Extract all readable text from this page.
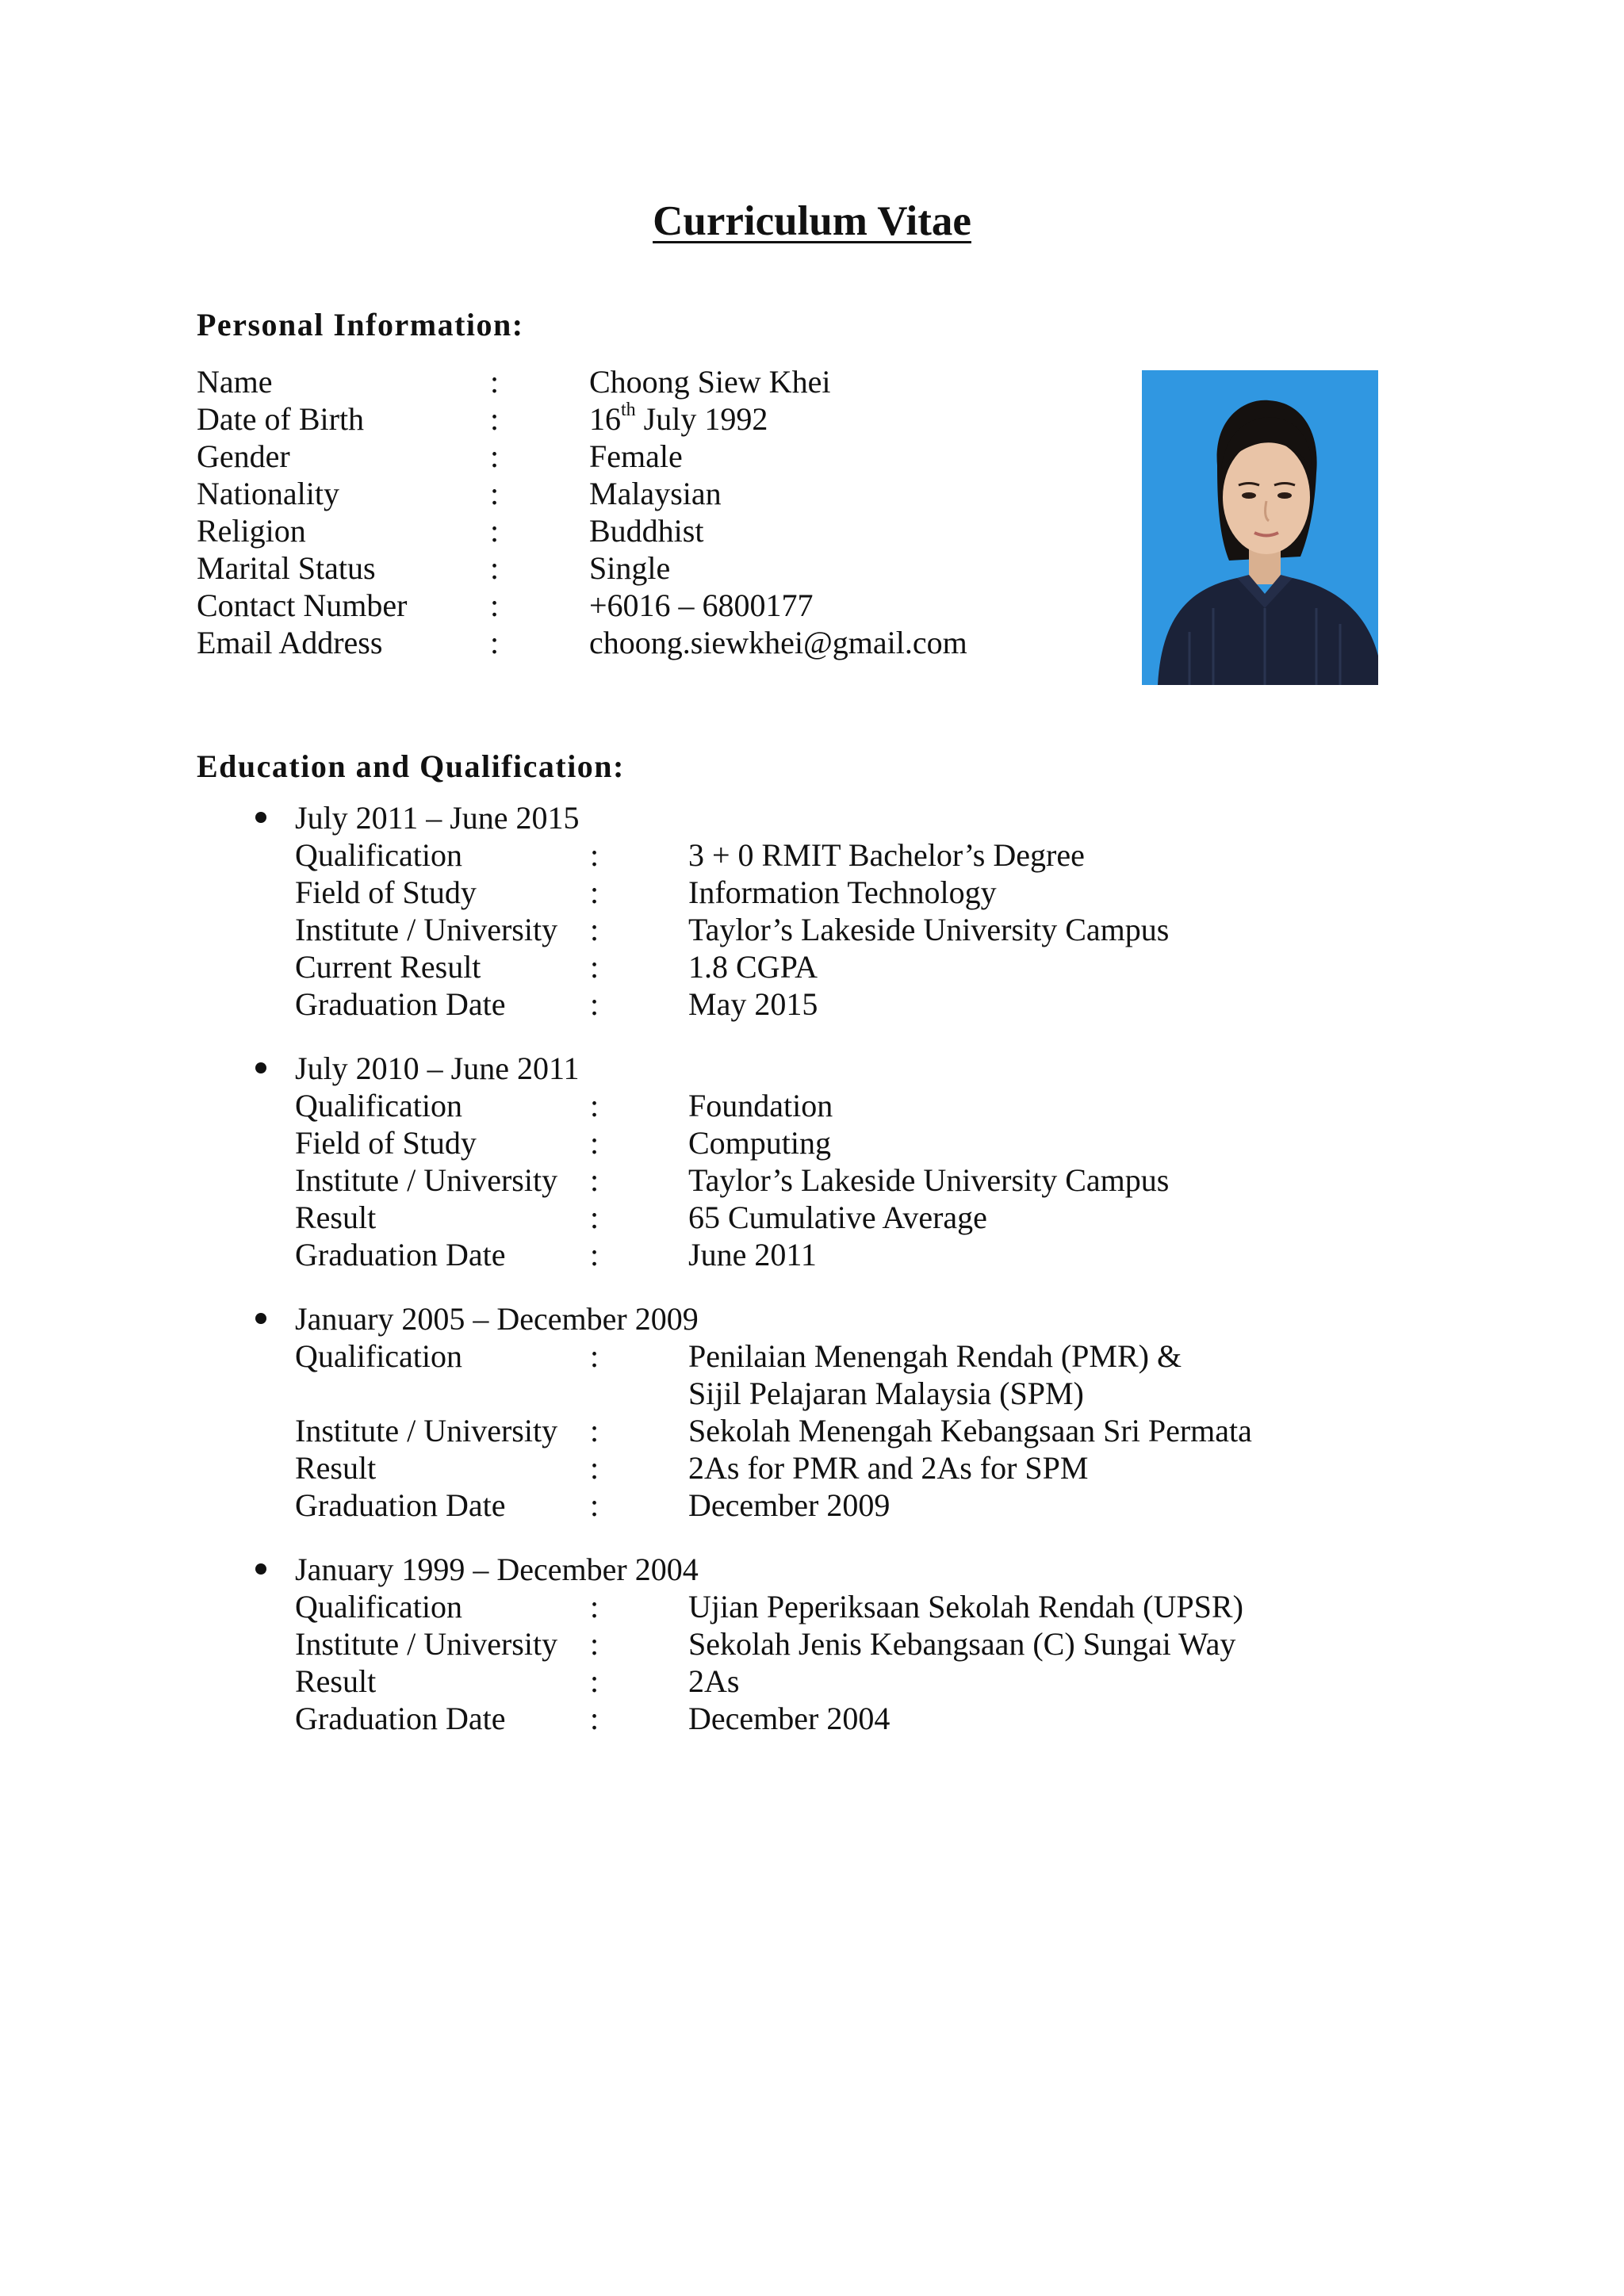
Curriculum Vitae
Personal Information:
Name	:	Choong Siew Khei
Date of Birth	:	16th July 1992
Gender	:	Female
Nationality	:	Malaysian
Religion	:	Buddhist
Marital Status	:	Single
Contact Number	:	+6016 – 6800177
Email Address	:	choong.siewkhei@gmail.com
Education and Qualification:
July 2011 – June 2015
Qualification	:	3 + 0 RMIT Bachelor’s Degree
Field of Study	:	Information Technology
Institute / University	:	Taylor’s Lakeside University Campus
Current Result	:	1.8 CGPA
Graduation Date	:	May 2015
July 2010 – June 2011
Qualification	:	Foundation
Field of Study	:	Computing
Institute / University	:	Taylor’s Lakeside University Campus
Result	:	65 Cumulative Average
Graduation Date	:	June 2011
January 2005 – December 2009
Qualification	:	Penilaian Menengah Rendah (PMR) &
Sijil Pelajaran Malaysia (SPM)
Institute / University	:	Sekolah Menengah Kebangsaan Sri Permata
Result	:	2As for PMR and 2As for SPM
Graduation Date	:	December 2009
January 1999 – December 2004
Qualification	:	Ujian Peperiksaan Sekolah Rendah (UPSR)
Institute / University	:	Sekolah Jenis Kebangsaan (C) Sungai Way
Result	:	2As
Graduation Date	:	December 2004
